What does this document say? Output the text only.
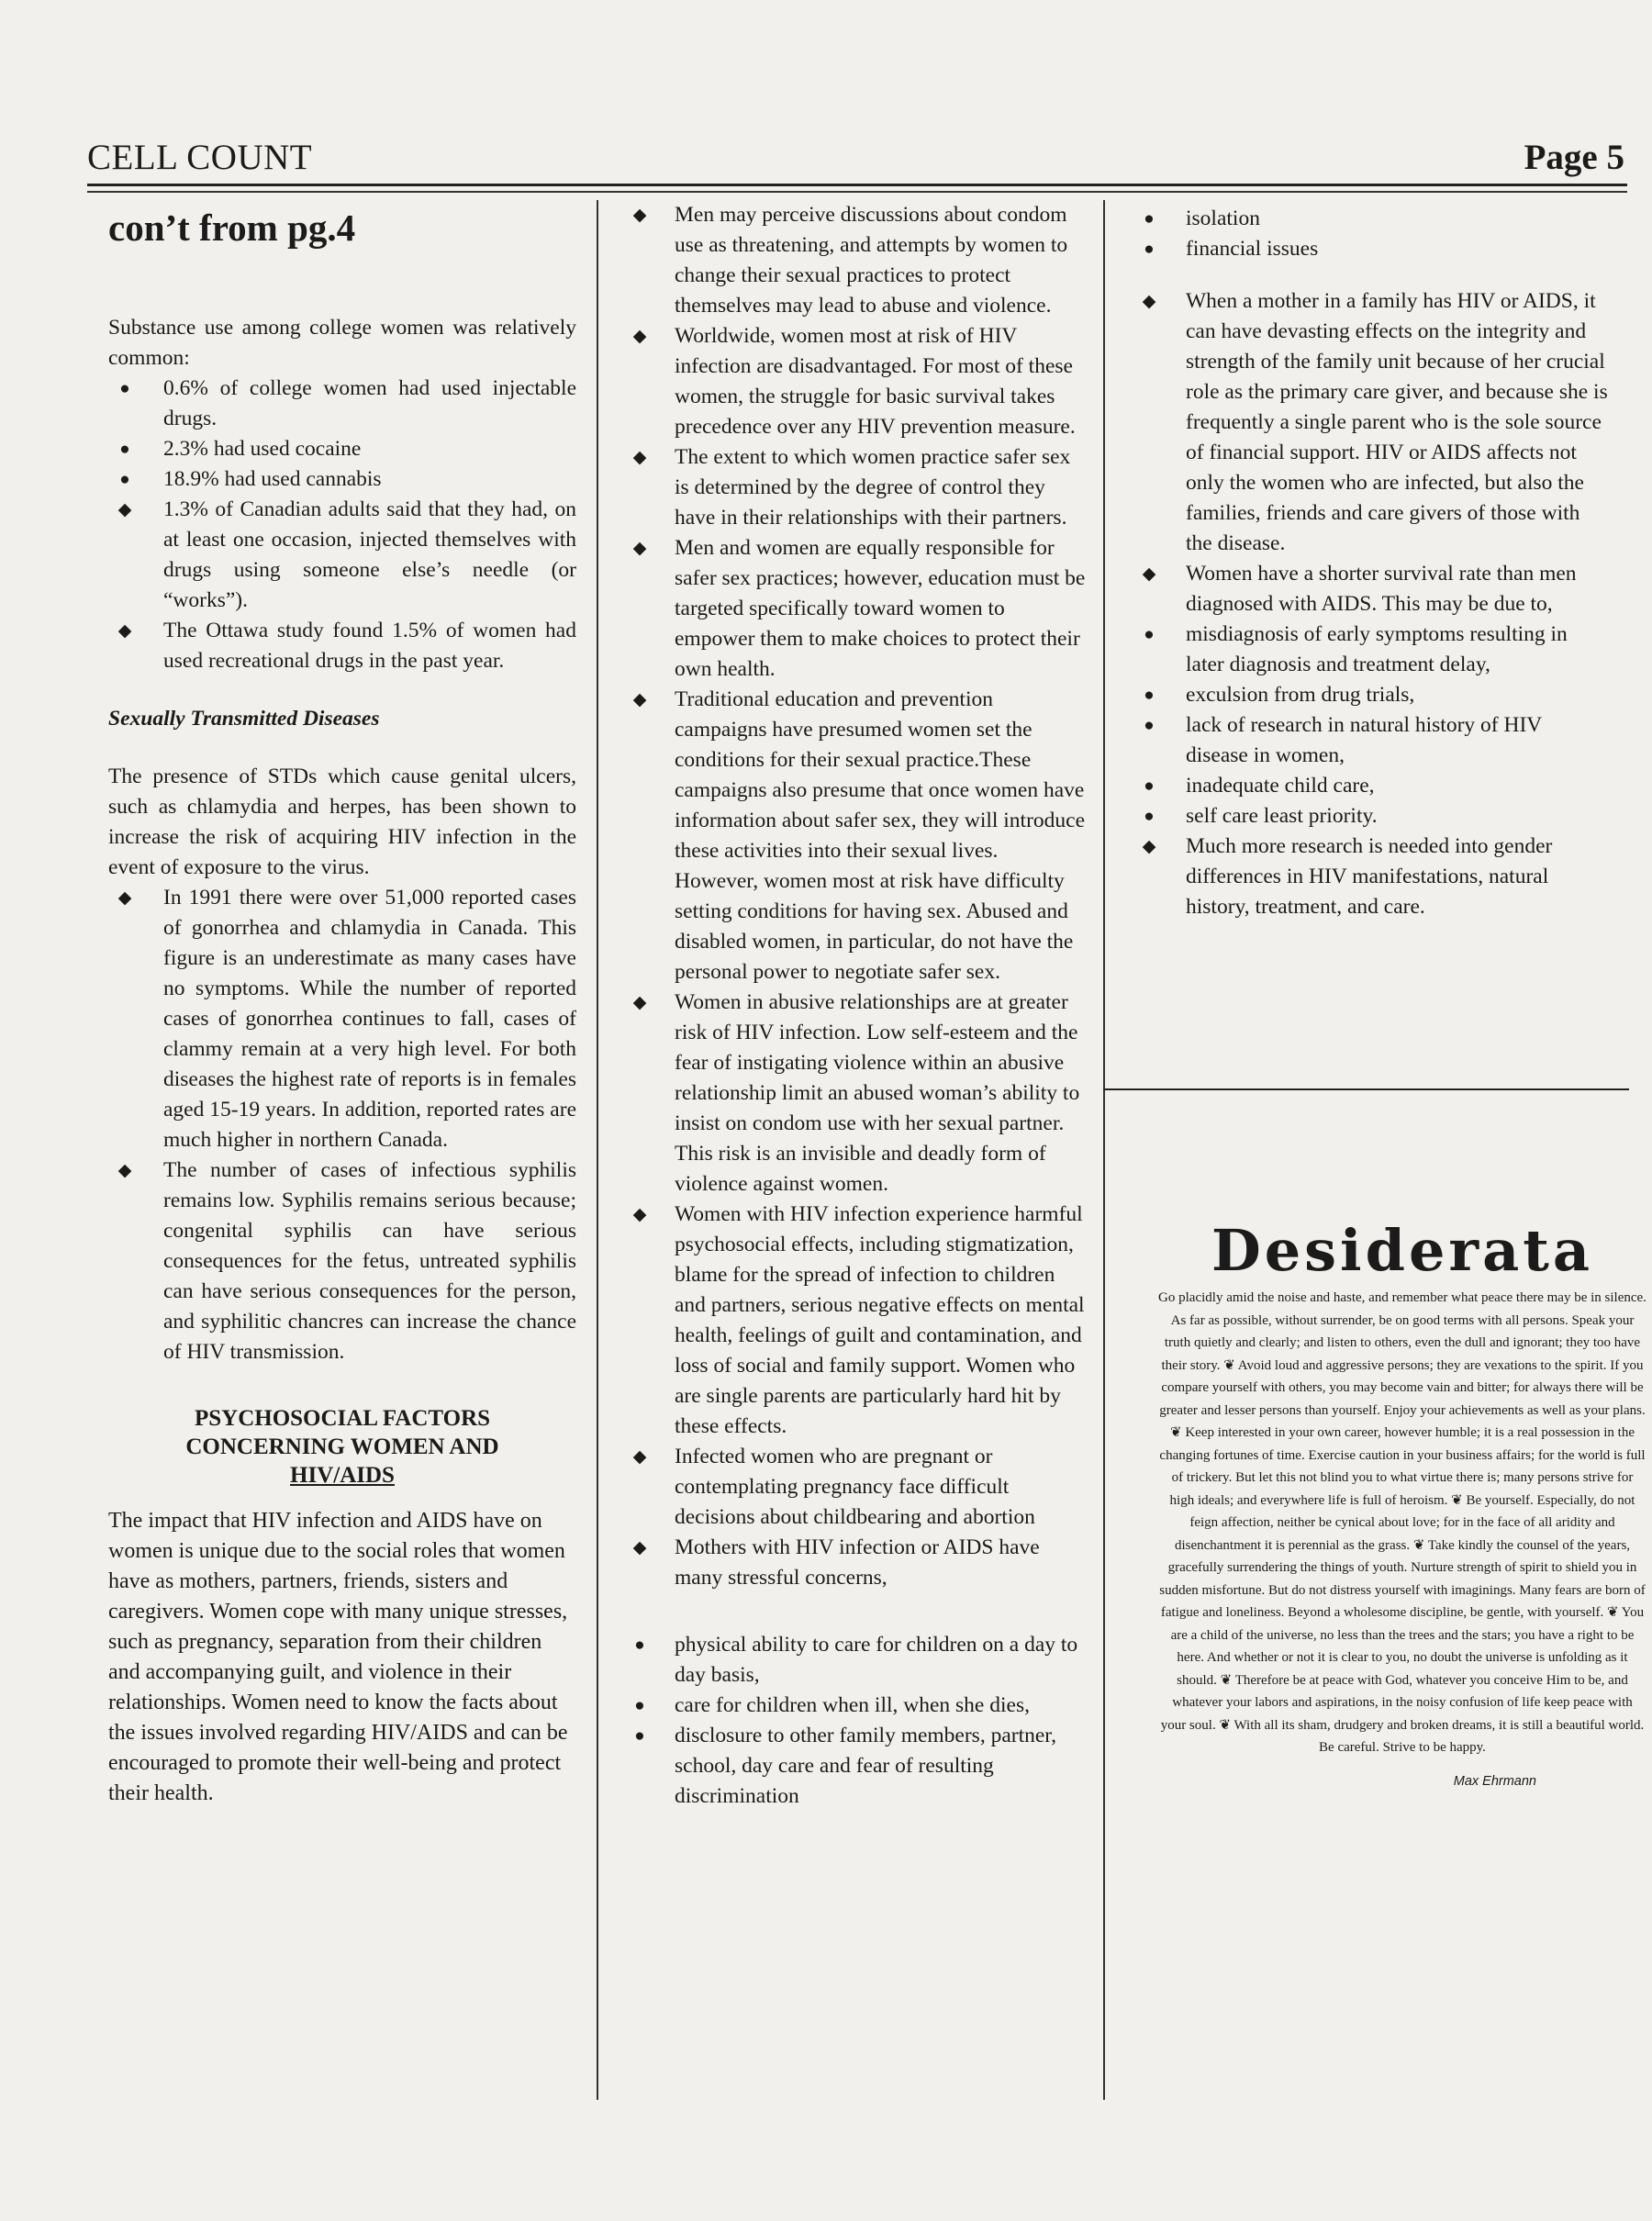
CELL COUNT	Page 5
con’t from pg.4

Substance use among college women was relatively common:

● 0.6% of college women had used injectable drugs.
● 2.3% had used cocaine
● 18.9% had used cannabis
◆ 1.3% of Canadian adults said that they had, on at least one occasion, injected themselves with drugs using someone else’s needle (or “works”).
◆ The Ottawa study found 1.5% of women had used recreational drugs in the past year.
Sexually Transmitted Diseases

The presence of STDs which cause genital ulcers, such as chlamydia and herpes, has been shown to increase the risk of acquiring HIV infection in the event of exposure to the virus.

◆ In 1991 there were over 51,000 reported cases of gonorrhea and chlamydia in Canada. This figure is an underestimate as many cases have no symptoms. While the number of reported cases of gonorrhea continues to fall, cases of clammy remain at a very high level. For both diseases the highest rate of reports is in females aged 15-19 years. In addition, reported rates are much higher in northern Canada.
◆ The number of cases of infectious syphilis remains low. Syphilis remains serious because; congenital syphilis can have serious consequences for the fetus, untreated syphilis can have serious consequences for the person, and syphilitic chancres can increase the chance of HIV transmission.
PSYCHOSOCIAL FACTORS
CONCERNING WOMEN AND
HIV/AIDS

The impact that HIV infection and AIDS have on women is unique due to the social roles that women have as mothers, partners, friends, sisters and caregivers. Women cope with many unique stresses, such as pregnancy, separation from their children and accompanying guilt, and violence in their relationships. Women need to know the facts about the issues involved regarding HIV/AIDS and can be encouraged to promote their well-being and protect their health.

◆ Men may perceive discussions about condom use as threatening, and attempts by women to change their sexual practices to protect themselves may lead to abuse and violence.
◆ Worldwide, women most at risk of HIV infection are disadvantaged. For most of these women, the struggle for basic survival takes precedence over any HIV prevention measure.
◆ The extent to which women practice safer sex is determined by the degree of control they have in their relationships with their partners.
◆ Men and women are equally responsible for safer sex practices; however, education must be targeted specifically toward women to empower them to make choices to protect their own health.
◆ Traditional education and prevention campaigns have presumed women set the conditions for their sexual practice.These campaigns also presume that once women have information about safer sex, they will introduce these activities into their sexual lives. However, women most at risk have difficulty setting conditions for having sex. Abused and disabled women, in particular, do not have the personal power to negotiate safer sex.
◆ Women in abusive relationships are at greater risk of HIV infection. Low self-esteem and the fear of instigating violence within an abusive relationship limit an abused woman’s ability to insist on condom use with her sexual partner. This risk is an invisible and deadly form of violence against women.
◆ Women with HIV infection experience harmful psychosocial effects, including stigmatization, blame for the spread of infection to children and partners, serious negative effects on mental health, feelings of guilt and contamination, and loss of social and family support. Women who are single parents are particularly hard hit by these effects.
◆ Infected women who are pregnant or contemplating pregnancy face difficult decisions about childbearing and abortion
◆ Mothers with HIV infection or AIDS have many stressful concerns,
● physical ability to care for children on a day to day basis,
● care for children when ill, when she dies,
● disclosure to other family members, partner, school, day care and fear of resulting discrimination
● isolation
● financial issues
◆ When a mother in a family has HIV or AIDS, it can have devasting effects on the integrity and strength of the family unit because of her crucial role as the primary care giver, and because she is frequently a single parent who is the sole source of financial support. HIV or AIDS affects not only the women who are infected, but also the families, friends and care givers of those with the disease.
◆ Women have a shorter survival rate than men diagnosed with AIDS. This may be due to,
● misdiagnosis of early symptoms resulting in later diagnosis and treatment delay,
● exculsion from drug trials,
● lack of research in natural history of HIV disease in women,
● inadequate child care,
● self care least priority.
◆ Much more research is needed into gender differences in HIV manifestations, natural history, treatment, and care.
Desiderata
Go placidly amid the noise and haste, and remember what peace there may be in silence. As far as possible, without surrender, be on good terms with all persons. Speak your truth quietly and clearly; and listen to others, even the dull and ignorant; they too have their story. ❦ Avoid loud and aggressive persons; they are vexations to the spirit. If you compare yourself with others, you may become vain and bitter; for always there will be greater and lesser persons than yourself. Enjoy your achievements as well as your plans. ❦ Keep interested in your own career, however humble; it is a real possession in the changing fortunes of time. Exercise caution in your business affairs; for the world is full of trickery. But let this not blind you to what virtue there is; many persons strive for high ideals; and everywhere life is full of heroism. ❦ Be yourself. Especially, do not feign affection, neither be cynical about love; for in the face of all aridity and disenchantment it is perennial as the grass. ❦ Take kindly the counsel of the years, gracefully surrendering the things of youth. Nurture strength of spirit to shield you in sudden misfortune. But do not distress yourself with imaginings. Many fears are born of fatigue and loneliness. Beyond a wholesome discipline, be gentle, with yourself. ❦ You are a child of the universe, no less than the trees and the stars; you have a right to be here. And whether or not it is clear to you, no doubt the universe is unfolding as it should. ❦ Therefore be at peace with God, whatever you conceive Him to be, and whatever your labors and aspirations, in the noisy confusion of life keep peace with your soul. ❦ With all its sham, drudgery and broken dreams, it is still a beautiful world. Be careful. Strive to be happy.
Max Ehrmann
